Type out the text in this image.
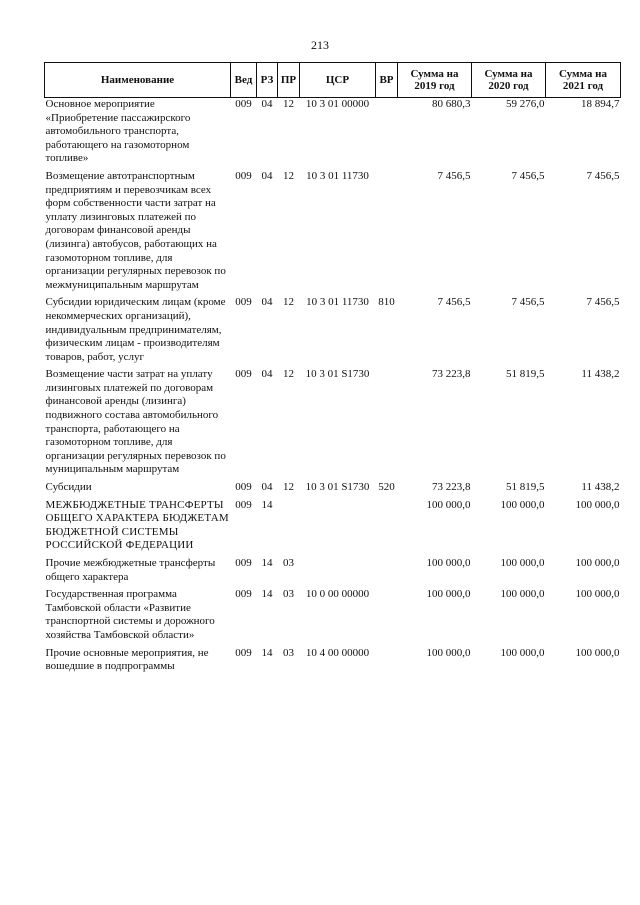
213
Наименование	Вед	РЗ	ПР	ЦСР	ВР	Сумма на 2019 год	Сумма на 2020 год	Сумма на 2021 год
Основное мероприятие «Приобретение пассажирского автомобильного транспорта, работающего на газомоторном топливе»	009	04	12	10 3 01 00000		80 680,3	59 276,0	18 894,7
Возмещение автотранспортным предприятиям и перевозчикам всех форм собственности части затрат на уплату лизинговых платежей по договорам финансовой аренды (лизинга) автобусов, работающих на газомоторном топливе, для организации регулярных перевозок по межмуниципальным маршрутам	009	04	12	10 3 01 11730		7 456,5	7 456,5	7 456,5
Субсидии юридическим лицам (кроме некоммерческих организаций), индивидуальным предпринимателям, физическим лицам - производителям товаров, работ, услуг	009	04	12	10 3 01 11730	810	7 456,5	7 456,5	7 456,5
Возмещение части затрат на уплату лизинговых платежей по договорам финансовой аренды (лизинга) подвижного состава автомобильного транспорта, работающего на газомоторном топливе, для организации регулярных перевозок по муниципальным маршрутам	009	04	12	10 3 01 S1730		73 223,8	51 819,5	11 438,2
Субсидии	009	04	12	10 3 01 S1730	520	73 223,8	51 819,5	11 438,2
МЕЖБЮДЖЕТНЫЕ ТРАНСФЕРТЫ ОБЩЕГО ХАРАКТЕРА БЮДЖЕТАМ БЮДЖЕТНОЙ СИСТЕМЫ РОССИЙСКОЙ ФЕДЕРАЦИИ	009	14				100 000,0	100 000,0	100 000,0
Прочие межбюджетные трансферты общего характера	009	14	03			100 000,0	100 000,0	100 000,0
Государственная программа Тамбовской области «Развитие транспортной системы и дорожного хозяйства Тамбовской области»	009	14	03	10 0 00 00000		100 000,0	100 000,0	100 000,0
Прочие основные мероприятия, не вошедшие в подпрограммы	009	14	03	10 4 00 00000		100 000,0	100 000,0	100 000,0
